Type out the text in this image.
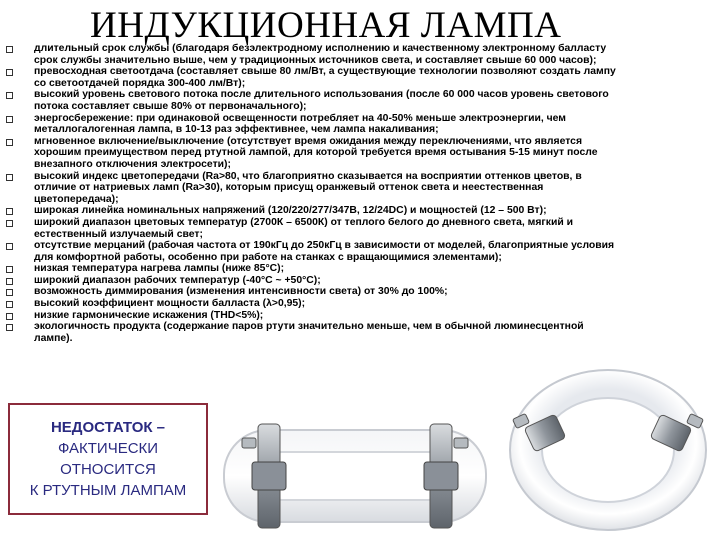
ИНДУКЦИОННАЯ ЛАМПА
длительный срок службы (благодаря безэлектродному исполнению и качественному электронному балласту
срок службы значительно выше, чем у традиционных источников света, и составляет свыше 60 000 часов);
превосходная светоотдача (составляет свыше 80 лм/Вт, а существующие технологии позволяют создать лампу
со светоотдачей порядка 300-400 лм/Вт);
высокий уровень светового потока после длительного использования (после 60 000 часов уровень светового
потока составляет свыше 80% от первоначального);
энергосбережение: при одинаковой освещенности потребляет на 40-50% меньше электроэнергии, чем
металлогалогенная лампа, в 10-13 раз эффективнее, чем лампа накаливания;
мгновенное включение/выключение (отсутствует время ожидания между переключениями, что является
хорошим преимуществом перед ртутной лампой, для которой требуется время остывания 5-15 минут после
внезапного отключения электросети);
высокий индекс цветопередачи (Ra>80, что благоприятно сказывается на восприятии оттенков цветов, в
отличие от натриевых ламп (Ra>30), которым присущ оранжевый оттенок света и неестественная
цветопередача);
широкая линейка номинальных напряжений (120/220/277/347В, 12/24DC) и мощностей (12 – 500 Вт);
широкий диапазон цветовых температур (2700К – 6500К) от теплого белого до дневного света, мягкий и
естественный излучаемый свет;
отсутствие мерцаний (рабочая частота от 190кГц до 250кГц в зависимости от моделей, благоприятные условия
для комфортной работы, особенно при работе на станках с вращающимися элементами);
низкая температура нагрева лампы (ниже 85°С);
широкий диапазон рабочих температур (-40°С ~ +50°С);
возможность диммирования (изменения интенсивности света) от 30% до 100%;
высокий коэффициент мощности балласта (λ>0,95);
низкие гармонические искажения (THD<5%);
экологичность продукта (содержание паров ртути значительно меньше, чем в обычной люминесцентной
лампе).
НЕДОСТАТОК –
ФАКТИЧЕСКИ
ОТНОСИТСЯ
К РТУТНЫМ ЛАМПАМ
